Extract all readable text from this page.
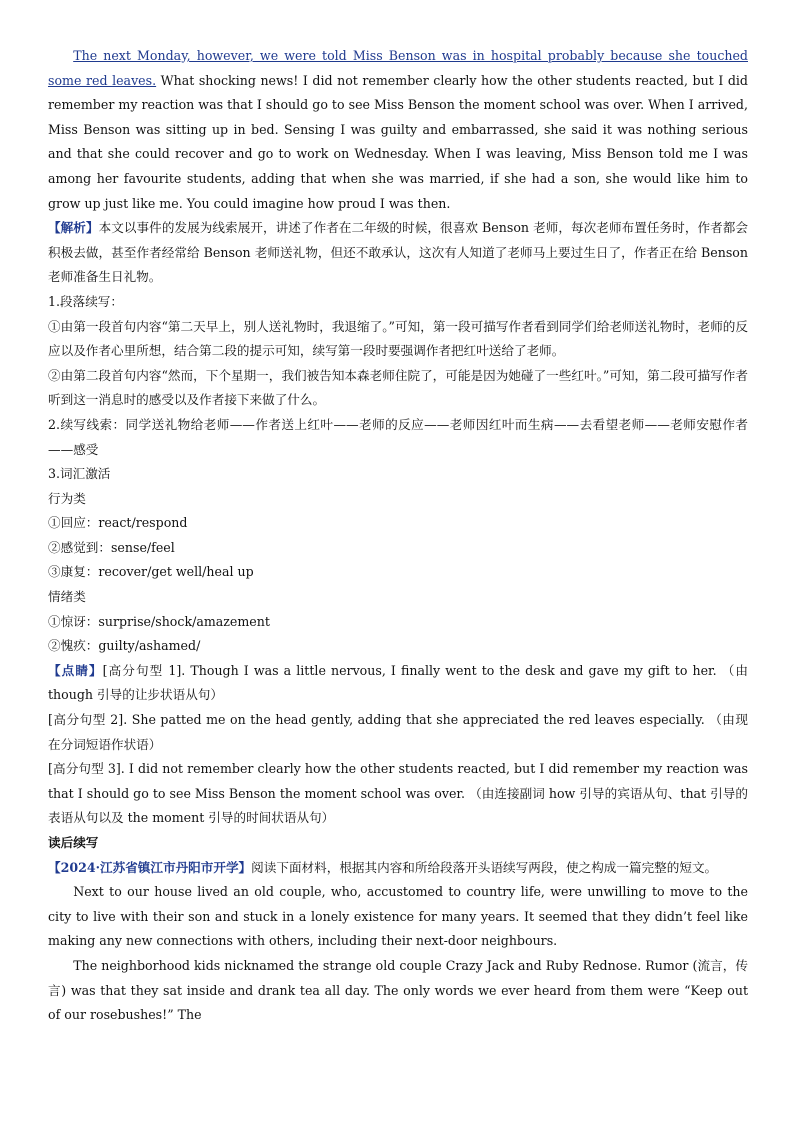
The next Monday, however, we were told Miss Benson was in hospital probably because she touched some red leaves. What shocking news! I did not remember clearly how the other students reacted, but I did remember my reaction was that I should go to see Miss Benson the moment school was over. When I arrived, Miss Benson was sitting up in bed. Sensing I was guilty and embarrassed, she said it was nothing serious and that she could recover and go to work on Wednesday. When I was leaving, Miss Benson told me I was among her favourite students, adding that when she was married, if she had a son, she would like him to grow up just like me. You could imagine how proud I was then.

【解析】本文以事件的发展为线索展开，讲述了作者在二年级的时候，很喜欢 Benson 老师，每次老师布置任务时，作者都会积极去做，甚至作者经常给 Benson 老师送礼物，但还不敢承认，这次有人知道了老师马上要过生日了，作者正在给 Benson 老师准备生日礼物。

1.段落续写：

①由第一段首句内容“第二天早上，别人送礼物时，我退缩了。”可知，第一段可描写作者看到同学们给老师送礼物时，老师的反应以及作者心里所想，结合第二段的提示可知，续写第一段时要强调作者把红叶送给了老师。

②由第二段首句内容“然而，下个星期一，我们被告知本森老师住院了，可能是因为她碰了一些红叶。”可知，第二段可描写作者听到这一消息时的感受以及作者接下来做了什么。

2.续写线索：同学送礼物给老师——作者送上红叶——老师的反应——老师因红叶而生病——去看望老师——老师安慰作者——感受

3.词汇激活

行为类

①回应：react/respond

②感觉到：sense/feel

③康复：recover/get well/heal up

情绪类

①惊讶：surprise/shock/amazement

②愧疚：guilty/ashamed/

【点睛】[高分句型 1]. Though I was a little nervous, I finally went to the desk and gave my gift to her. （由 though 引导的让步状语从句）

[高分句型 2]. She patted me on the head gently, adding that she appreciated the red leaves especially. （由现在分词短语作状语）

[高分句型 3]. I did not remember clearly how the other students reacted, but I did remember my reaction was that I should go to see Miss Benson the moment school was over. （由连接副词 how 引导的宾语从句、that 引导的表语从句以及 the moment 引导的时间状语从句）

读后续写

【2024·江苏省镇江市丹阳市开学】阅读下面材料，根据其内容和所给段落开头语续写两段，使之构成一篇完整的短文。

Next to our house lived an old couple, who, accustomed to country life, were unwilling to move to the city to live with their son and stuck in a lonely existence for many years. It seemed that they didn’t feel like making any new connections with others, including their next-door neighbours.

The neighborhood kids nicknamed the strange old couple Crazy Jack and Ruby Rednose. Rumor (流言，传言) was that they sat inside and drank tea all day. The only words we ever heard from them were “Keep out of our rosebushes!” The
